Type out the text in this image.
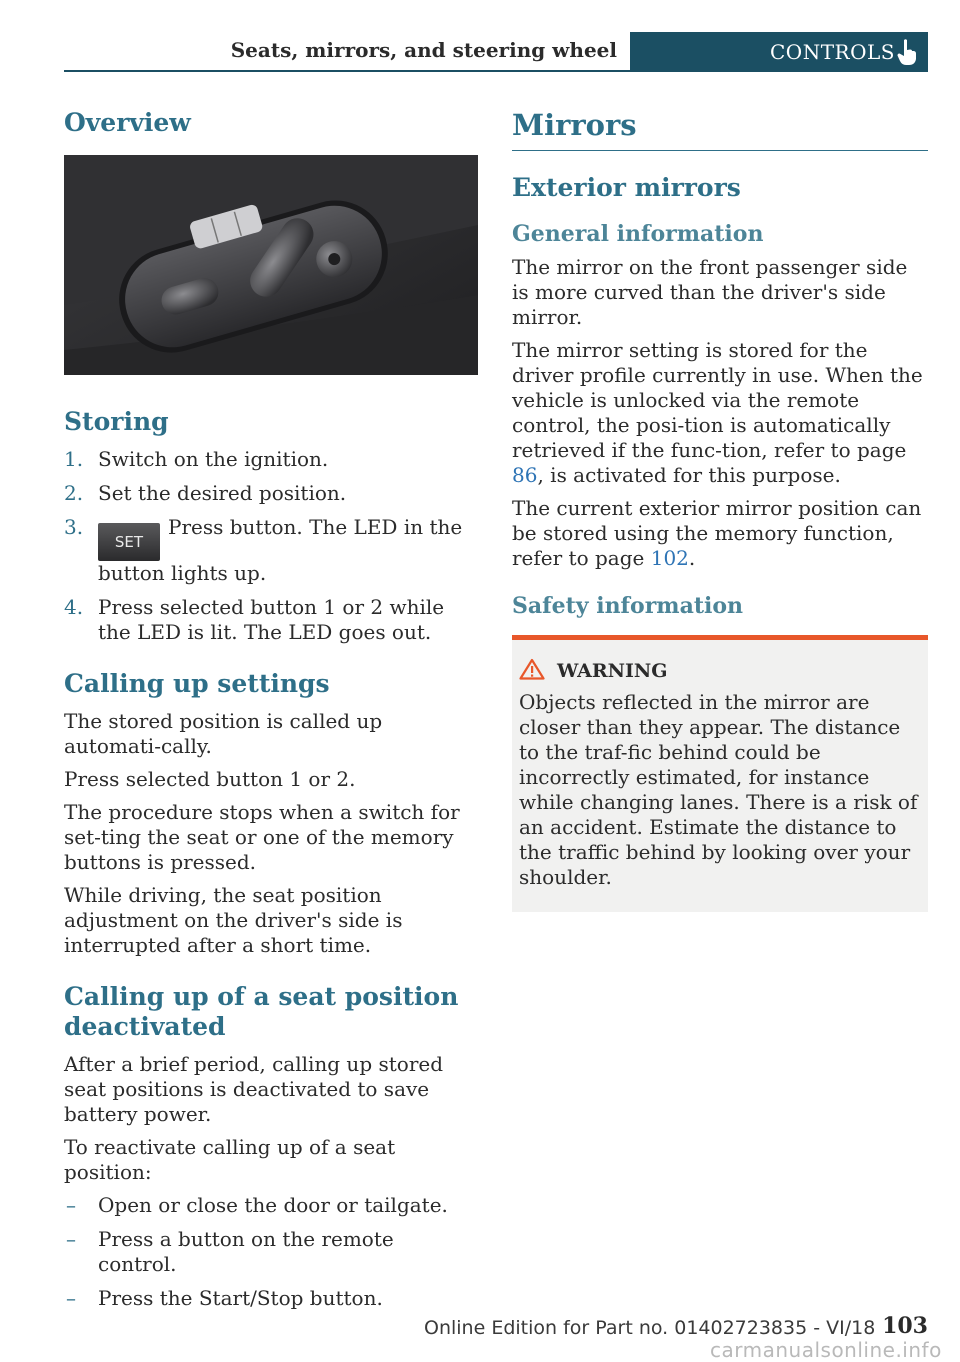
Seats, mirrors, and steering wheel	CONTROLS
Overview
Storing
1. Switch on the ignition.
2. Set the desired position.
3.
SETPress button. The LED in the button lights up.
4. Press selected button 1 or 2 while the LED is lit. The LED goes out.
Calling up settings

The stored position is called up automati-cally.

Press selected button 1 or 2.

The procedure stops when a switch for set-ting the seat or one of the memory buttons is pressed.

While driving, the seat position adjustment on the driver's side is interrupted after a short time.

Calling up of a seat position deactivated

After a brief period, calling up stored seat positions is deactivated to save battery power.

To reactivate calling up of a seat position:

– Open or close the door or tailgate.
– Press a button on the remote control.
– Press the Start/Stop button.
Mirrors
Exterior mirrors
General information

The mirror on the front passenger side is more curved than the driver's side mirror.

The mirror setting is stored for the driver profile currently in use. When the vehicle is unlocked via the remote control, the posi-tion is automatically retrieved if the func-tion, refer to page 86, is activated for this purpose.

The current exterior mirror position can be stored using the memory function, refer to page 102.

Safety information
WARNING

Objects reflected in the mirror are closer than they appear. The distance to the traf-fic behind could be incorrectly estimated, for instance while changing lanes. There is a risk of an accident. Estimate the distance to the traffic behind by looking over your shoulder.

Online Edition for Part no. 01402723835 - VI/18 103
carmanualsonline.info
